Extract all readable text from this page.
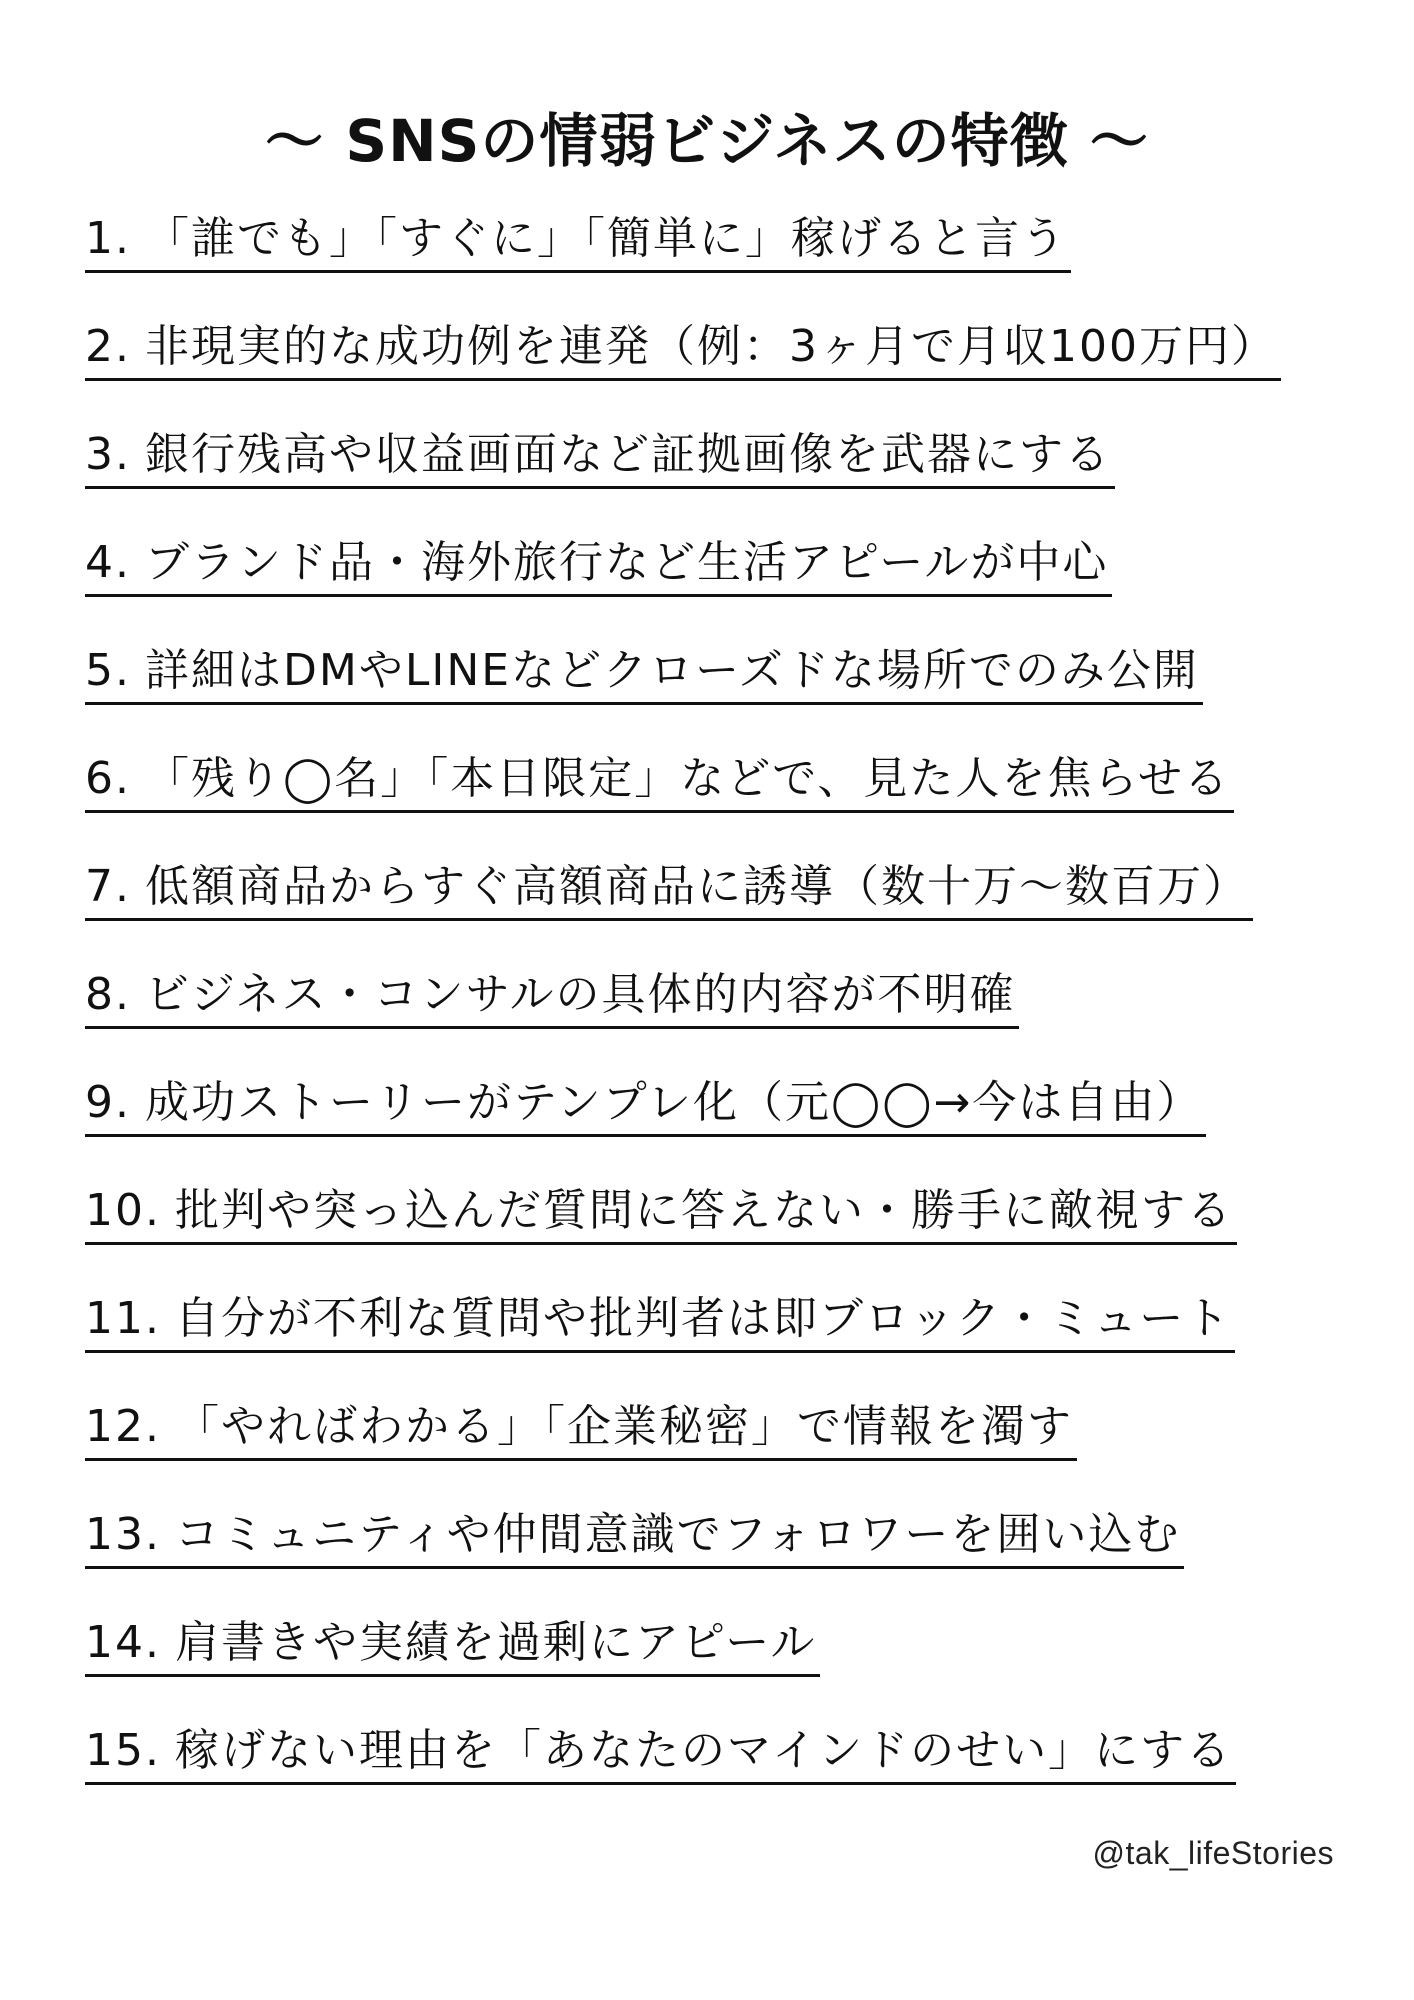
〜 SNSの情弱ビジネスの特徴 〜
1. 「誰でも」「すぐに」「簡単に」稼げると言う
2. 非現実的な成功例を連発（例：3ヶ月で月収100万円）
3. 銀行残高や収益画面など証拠画像を武器にする
4. ブランド品・海外旅行など生活アピールが中心
5. 詳細はDMやLINEなどクローズドな場所でのみ公開
6. 「残り◯名」「本日限定」などで、見た人を焦らせる
7. 低額商品からすぐ高額商品に誘導（数十万〜数百万）
8. ビジネス・コンサルの具体的内容が不明確
9. 成功ストーリーがテンプレ化（元◯◯→今は自由）
10. 批判や突っ込んだ質問に答えない・勝手に敵視する
11. 自分が不利な質問や批判者は即ブロック・ミュート
12. 「やればわかる」「企業秘密」で情報を濁す
13. コミュニティや仲間意識でフォロワーを囲い込む
14. 肩書きや実績を過剰にアピール
15. 稼げない理由を「あなたのマインドのせい」にする
@tak_lifeStories
